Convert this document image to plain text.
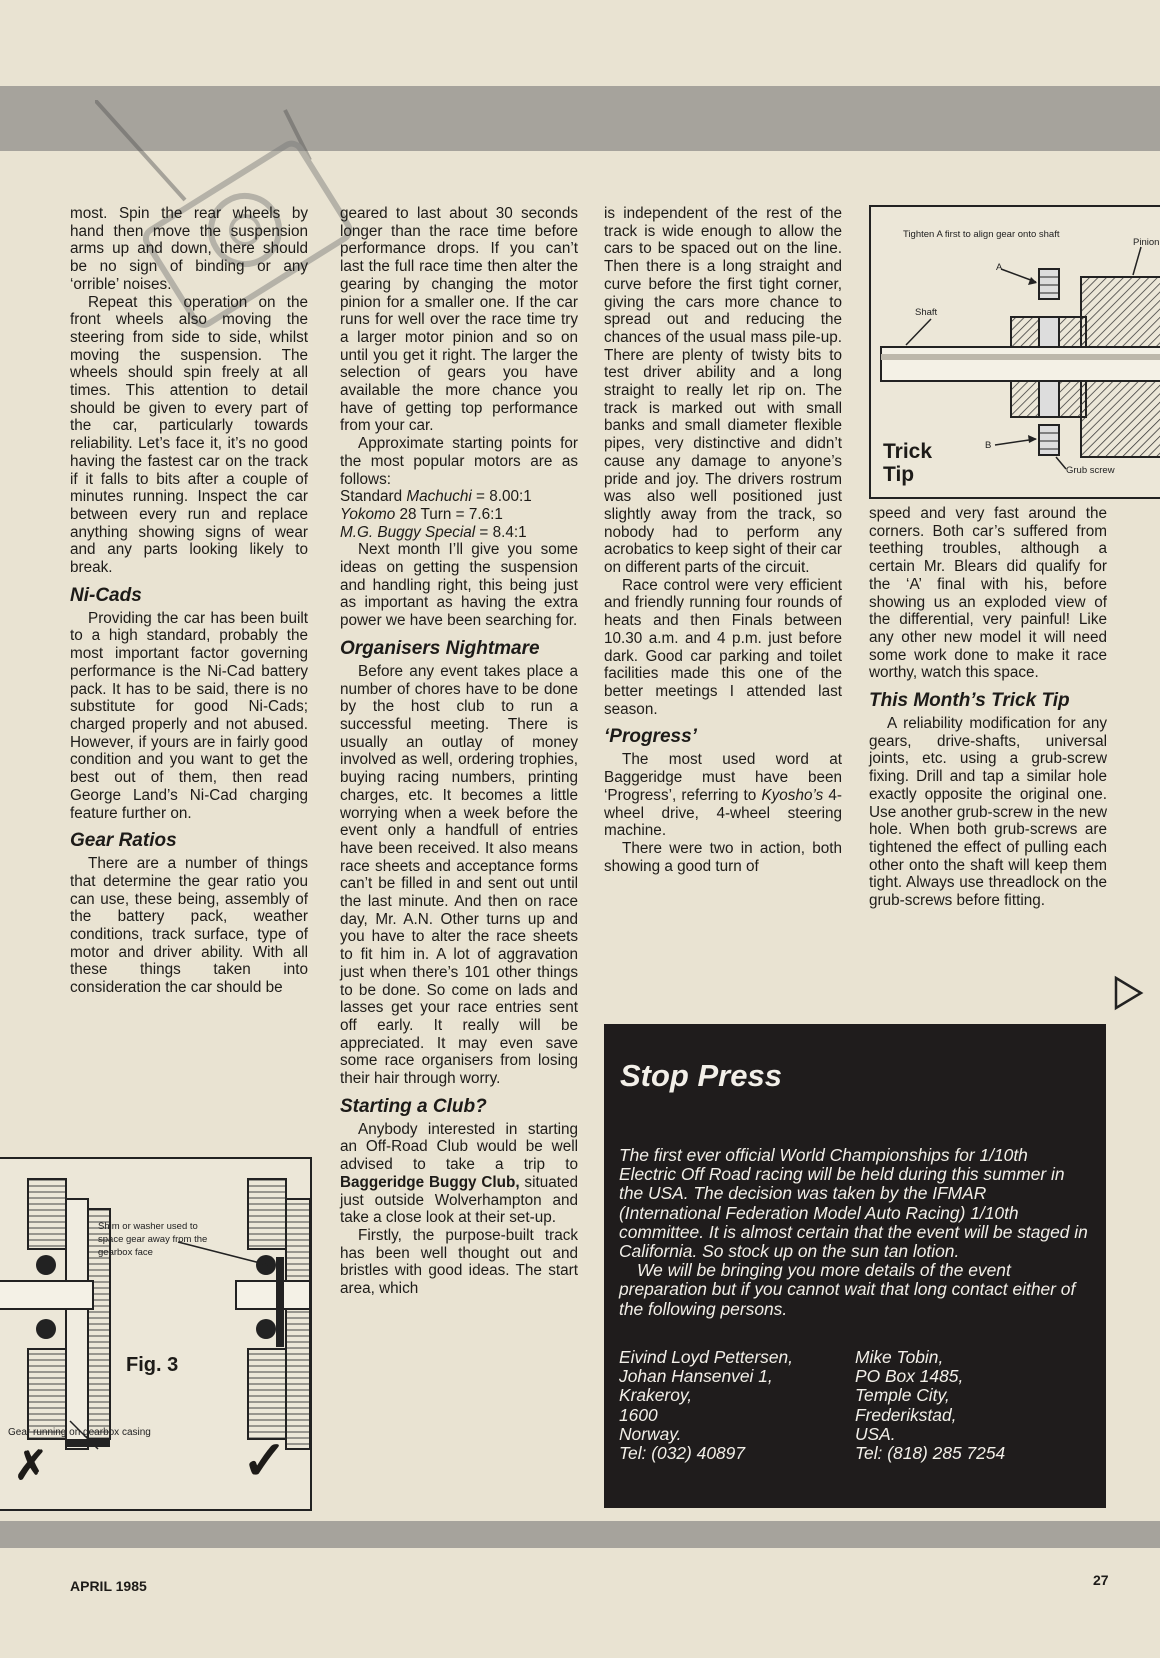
most. Spin the rear wheels by hand then move the suspension arms up and down, there should be no sign of binding or any ‘orrible’ noises.

Repeat this operation on the front wheels also moving the steering from side to side, whilst moving the suspension. The wheels should spin freely at all times. This attention to detail should be given to every part of the car, particularly towards reliability. Let’s face it, it’s no good having the fastest car on the track if it falls to bits after a couple of minutes running. Inspect the car between every run and replace anything showing signs of wear and any parts looking likely to break.

Ni-Cads

Providing the car has been built to a high standard, probably the most important factor governing performance is the Ni-Cad battery pack. It has to be said, there is no substitute for good Ni-Cads; charged properly and not abused. However, if yours are in fairly good condition and you want to get the best out of them, then read George Land’s Ni-Cad charging feature further on.

Gear Ratios

There are a number of things that determine the gear ratio you can use, these being, assembly of the battery pack, weather conditions, track surface, type of motor and driver ability. With all these things taken into consideration the car should be

geared to last about 30 seconds longer than the race time before performance drops. If you can’t last the full race time then alter the gearing by changing the motor pinion for a smaller one. If the car runs for well over the race time try a larger motor pinion and so on until you get it right. The larger the selection of gears you have available the more chance you have of getting top performance from your car.

Approximate starting points for the most popular motors are as follows:

Standard Machuchi = 8.00:1
Yokomo 28 Turn = 7.6:1
M.G. Buggy Special = 8.4:1

Next month I’ll give you some ideas on getting the suspension and handling right, this being just as important as having the extra power we have been searching for.

Organisers Nightmare

Before any event takes place a number of chores have to be done by the host club to run a successful meeting. There is usually an outlay of money involved as well, ordering trophies, buying racing numbers, printing charges, etc. It becomes a little worrying when a week before the event only a handfull of entries have been received. It also means race sheets and acceptance forms can’t be filled in and sent out until the last minute. And then on race day, Mr. A.N. Other turns up and you have to alter the race sheets to fit him in. A lot of aggravation just when there’s 101 other things to be done. So come on lads and lasses get your race entries sent off early. It really will be appreciated. It may even save some race organisers from losing their hair through worry.

Starting a Club?

Anybody interested in starting an Off-Road Club would be well advised to take a trip to Baggeridge Buggy Club, situated just outside Wolverhampton and take a close look at their set-up.

Firstly, the purpose-built track has been well thought out and bristles with good ideas. The start area, which

is independent of the rest of the track is wide enough to allow the cars to be spaced out on the line. Then there is a long straight and curve before the first tight corner, giving the cars more chance to spread out and reducing the chances of the usual mass pile-up. There are plenty of twisty bits to test driver ability and a long straight to really let rip on. The track is marked out with small banks and small diameter flexible pipes, very distinctive and didn’t cause any damage to anyone’s pride and joy. The drivers rostrum was also well positioned just slightly away from the track, so nobody had to perform any acrobatics to keep sight of their car on different parts of the circuit.

Race control were very efficient and friendly running four rounds of heats and then Finals between 10.30 a.m. and 4 p.m. just before dark. Good car parking and toilet facilities made this one of the better meetings I attended last season.

‘Progress’

The most used word at Baggeridge must have been ‘Progress’, referring to Kyosho’s 4-wheel drive, 4-wheel steering machine.

There were two in action, both showing a good turn of

Tighten A first to align gear onto shaft
Pinion
A
Shaft
B
Grub screw
Trick
Tip

speed and very fast around the corners. Both car’s suffered from teething troubles, although a certain Mr. Blears did qualify for the ‘A’ final with his, before showing us an exploded view of the differential, very painful! Like any other new model it will need some work done to make it race worthy, watch this space.

This Month’s Trick Tip

A reliability modification for any gears, drive-shafts, universal joints, etc. using a grub-screw fixing. Drill and tap a similar hole exactly opposite the original one. Use another grub-screw in the new hole. When both grub-screws are tightened the effect of pulling each other onto the shaft will keep them tight. Always use threadlock on the grub-screws before fitting.

Shim or washer used to
space gear away from the
gearbox face
Fig. 3
Gear running on gearbox casing
✗	✓
Stop Press

The first ever official World Championships for 1/10th Electric Off Road racing will be held during this summer in the USA. The decision was taken by the IFMAR (International Federation Model Auto Racing) 1/10th committee. It is almost certain that the event will be staged in California. So stock up on the sun tan lotion.

We will be bringing you more details of the event preparation but if you cannot wait that long contact either of the following persons.

Eivind Loyd Pettersen,
Johan Hansenvei 1,
Krakeroy,
1600
Norway.
Tel: (032) 40897
Mike Tobin,
PO Box 1485,
Temple City,
Frederikstad,
USA.
Tel: (818) 285 7254
APRIL 1985	27
